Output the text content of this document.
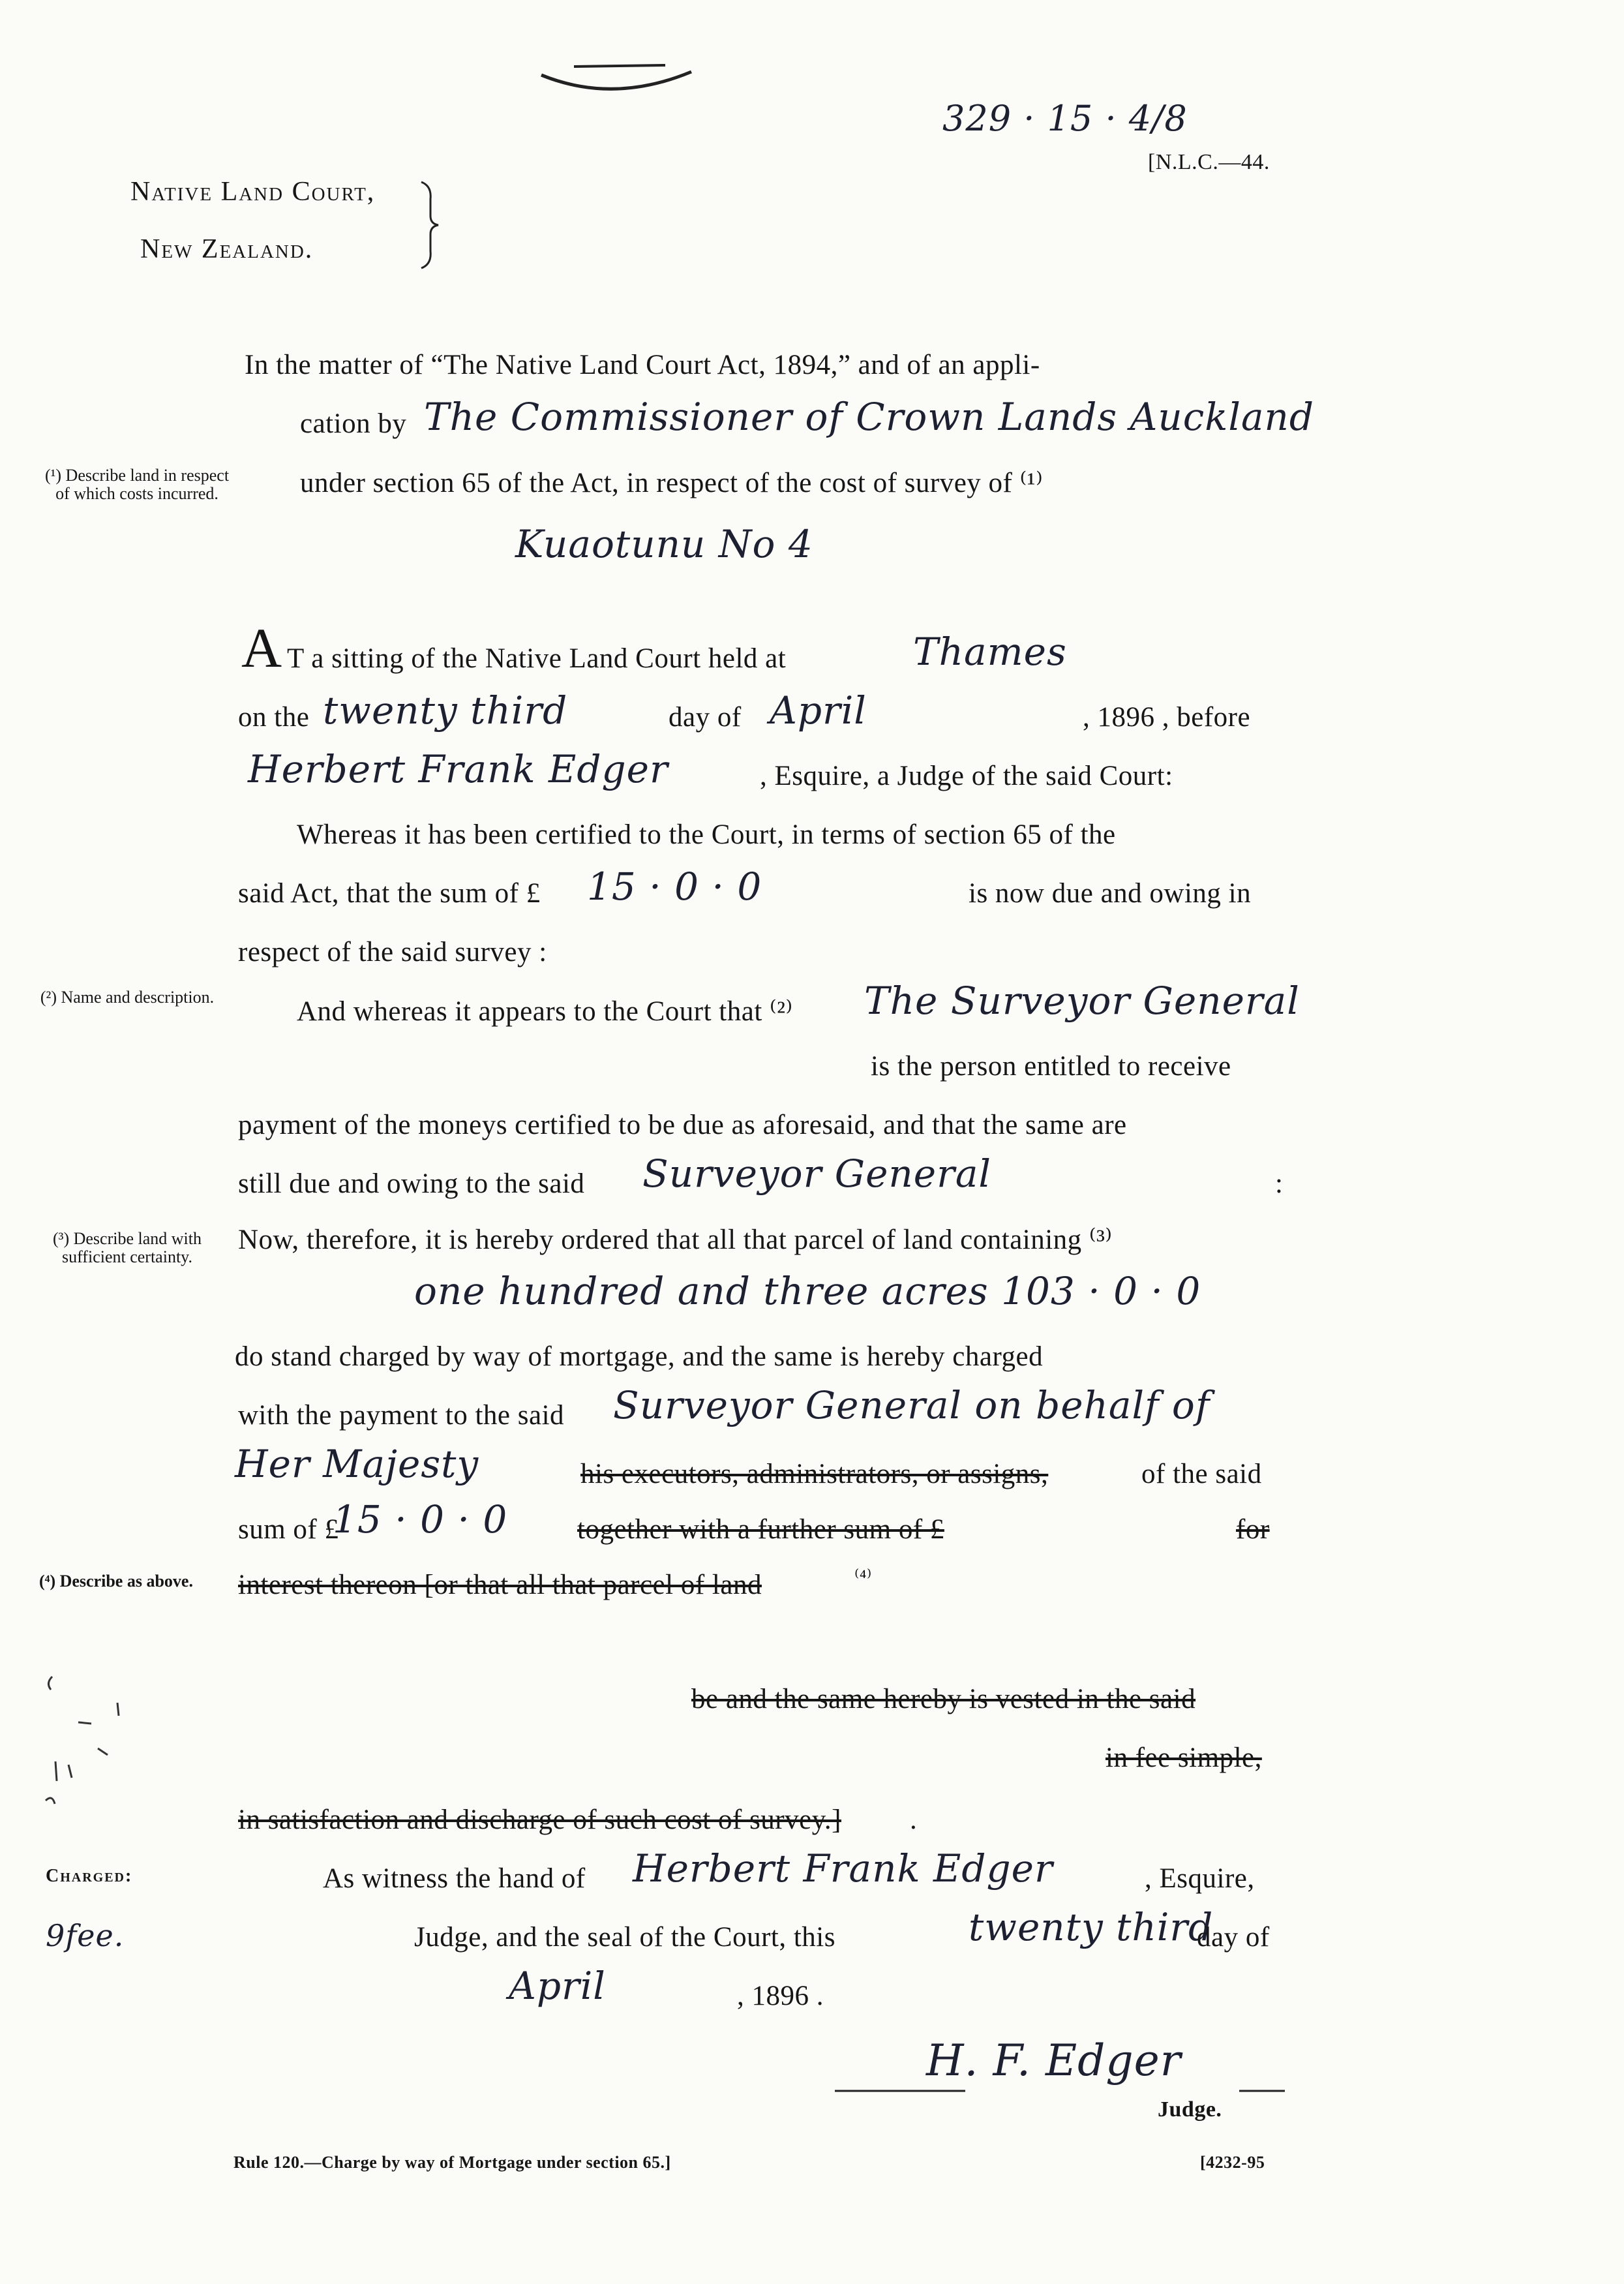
329 · 15 · 4/8
[N.L.C.—44.
Native Land Court,
New Zealand.
(¹) Describe land in respect of which costs incurred.
(²) Name and description.
(³) Describe land with sufficient certainty.
(⁴) Describe as above.
Charged:
9fee.
In the matter of “The Native Land Court Act, 1894,” and of an appli-
cation by The Commissioner of Crown Lands Auckland
under section 65 of the Act, in respect of the cost of survey of ⁽¹⁾
Kuaotunu No 4
A T a sitting of the Native Land Court held at	Thames
on the twenty third	day of April	, 1896 , before
Herbert Frank Edger	, Esquire, a Judge of the said Court:
Whereas it has been certified to the Court, in terms of section 65 of the
said Act, that the sum of £ 15 · 0 · 0	is now due and owing in
respect of the said survey :
And whereas it appears to the Court that ⁽²⁾ The Surveyor General
is the person entitled to receive
payment of the moneys certified to be due as aforesaid, and that the same are
still due and owing to the said Surveyor General	:
Now, therefore, it is hereby ordered that all that parcel of land containing ⁽³⁾
one hundred and three acres 103 · 0 · 0
do stand charged by way of mortgage, and the same is hereby charged
with the payment to the said Surveyor General on behalf of
Her Majesty	his executors, administrators, or assigns,	of the said
sum of £
15 · 0 · 0 together with a further sum of £	for
interest thereon [or that all that parcel of land	⁽⁴⁾
be and the same hereby is vested in the said
in fee simple,
in satisfaction and discharge of such cost of survey.] .
As witness the hand of Herbert Frank Edger	, Esquire,
Judge, and the seal of the Court, this	twenty third
day of
April	, 1896 .
H. F. Edger
Judge.
Rule 120.—Charge by way of Mortgage under section 65.]	[4232-95
